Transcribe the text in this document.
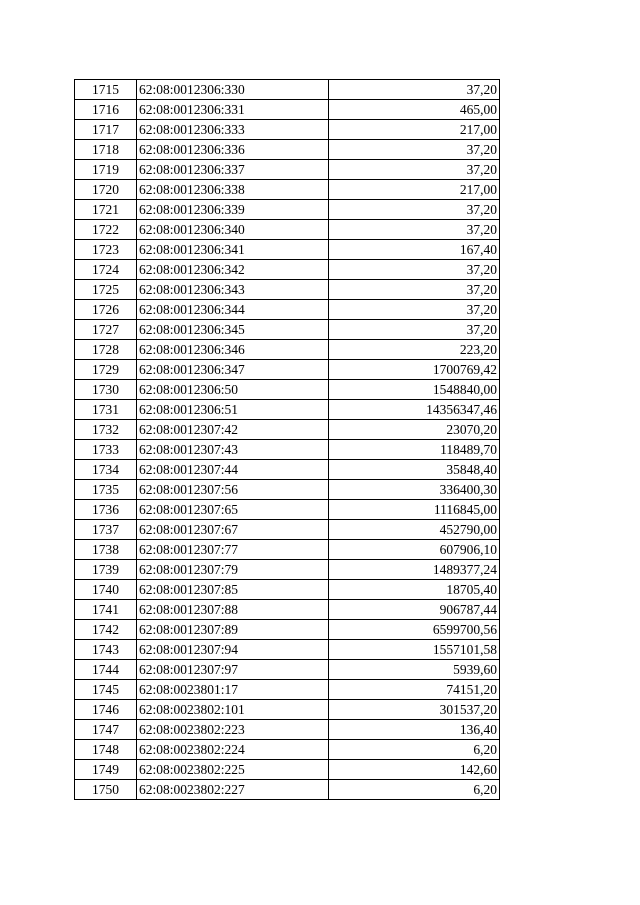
1715	62:08:0012306:330	37,20
1716	62:08:0012306:331	465,00
1717	62:08:0012306:333	217,00
1718	62:08:0012306:336	37,20
1719	62:08:0012306:337	37,20
1720	62:08:0012306:338	217,00
1721	62:08:0012306:339	37,20
1722	62:08:0012306:340	37,20
1723	62:08:0012306:341	167,40
1724	62:08:0012306:342	37,20
1725	62:08:0012306:343	37,20
1726	62:08:0012306:344	37,20
1727	62:08:0012306:345	37,20
1728	62:08:0012306:346	223,20
1729	62:08:0012306:347	1700769,42
1730	62:08:0012306:50	1548840,00
1731	62:08:0012306:51	14356347,46
1732	62:08:0012307:42	23070,20
1733	62:08:0012307:43	118489,70
1734	62:08:0012307:44	35848,40
1735	62:08:0012307:56	336400,30
1736	62:08:0012307:65	1116845,00
1737	62:08:0012307:67	452790,00
1738	62:08:0012307:77	607906,10
1739	62:08:0012307:79	1489377,24
1740	62:08:0012307:85	18705,40
1741	62:08:0012307:88	906787,44
1742	62:08:0012307:89	6599700,56
1743	62:08:0012307:94	1557101,58
1744	62:08:0012307:97	5939,60
1745	62:08:0023801:17	74151,20
1746	62:08:0023802:101	301537,20
1747	62:08:0023802:223	136,40
1748	62:08:0023802:224	6,20
1749	62:08:0023802:225	142,60
1750	62:08:0023802:227	6,20
